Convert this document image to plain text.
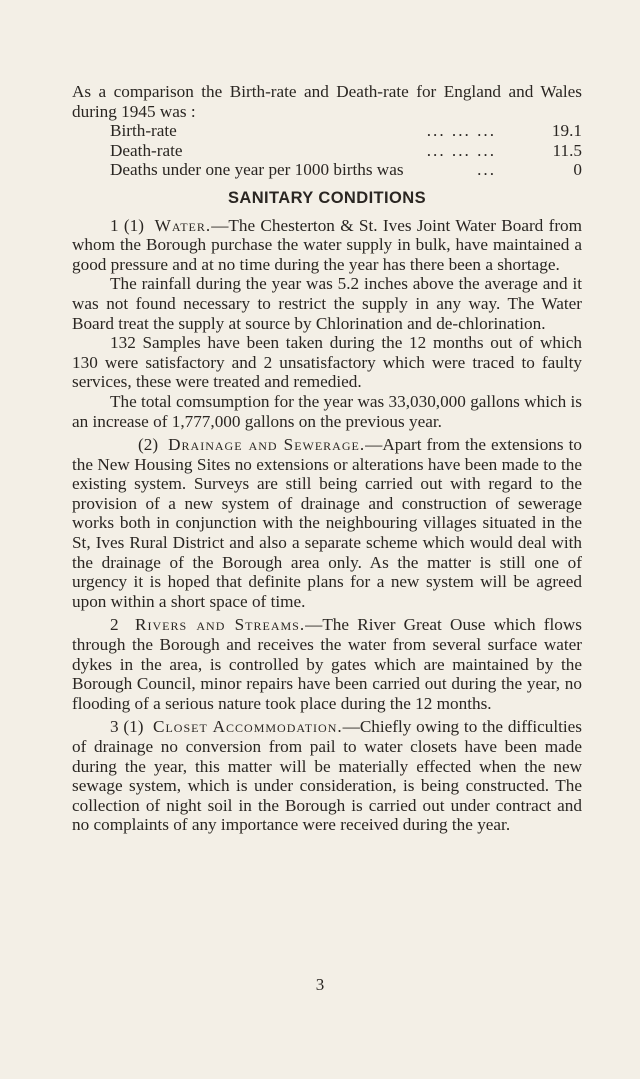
As a comparison the Birth-rate and Death-rate for England and Wales during 1945 was :

Birth-rate	... ... ...	19.1
Death-rate	... ... ...	11.5
Deaths under one year per 1000 births was	...	0
SANITARY CONDITIONS

1 (1) Water.—The Chesterton & St. Ives Joint Water Board from whom the Borough purchase the water supply in bulk, have maintained a good pressure and at no time during the year has there been a shortage.

The rainfall during the year was 5.2 inches above the average and it was not found necessary to restrict the supply in any way. The Water Board treat the supply at source by Chlorination and de-chlorination.

132 Samples have been taken during the 12 months out of which 130 were satisfactory and 2 unsatisfactory which were traced to faulty services, these were treated and remedied.

The total comsumption for the year was 33,030,000 gallons which is an increase of 1,777,000 gallons on the previous year.

(2) Drainage and Sewerage.—Apart from the extensions to the New Housing Sites no extensions or alterations have been made to the existing system. Surveys are still being carried out with regard to the provision of a new system of drainage and construction of sewerage works both in conjunction with the neighbouring villages situated in the St, Ives Rural District and also a separate scheme which would deal with the drainage of the Borough area only. As the matter is still one of urgency it is hoped that definite plans for a new system will be agreed upon within a short space of time.

2 Rivers and Streams.—The River Great Ouse which flows through the Borough and receives the water from several surface water dykes in the area, is controlled by gates which are maintained by the Borough Council, minor repairs have been carried out during the year, no flooding of a serious nature took place during the 12 months.

3 (1) Closet Accommodation.—Chiefly owing to the difficulties of drainage no conversion from pail to water closets have been made during the year, this matter will be materially effected when the new sewage system, which is under consideration, is being constructed. The collection of night soil in the Borough is carried out under contract and no complaints of any importance were received during the year.

3
